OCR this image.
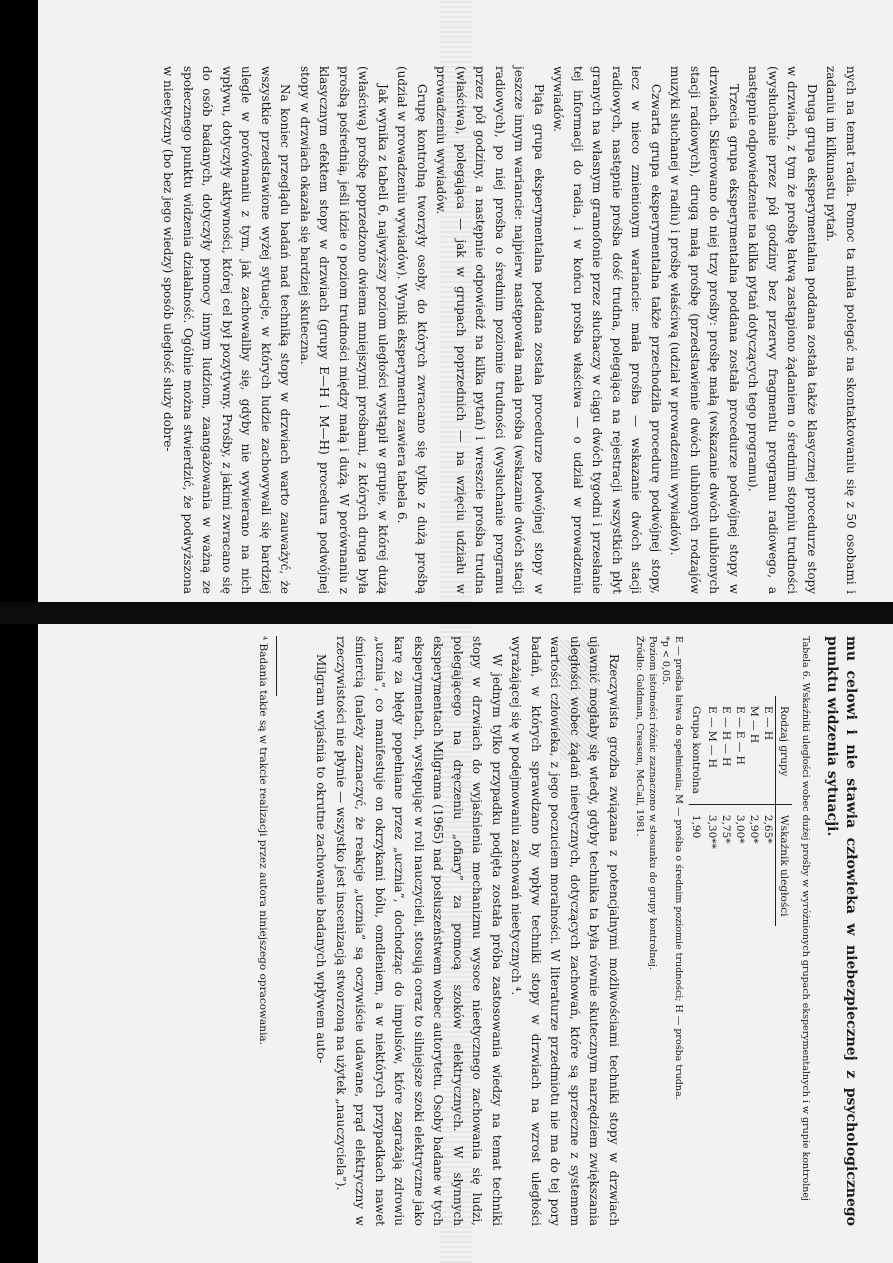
nych na temat radia. Pomoc ta miała polegać na skontaktowaniu się z 50 osobami i zadaniu im kilkunastu pytań.

Druga grupa eksperymentalna poddana została także klasycznej procedurze stopy w drzwiach, z tym że prośbę łatwą zastąpiono żądaniem o średnim stopniu trudności (wysłuchanie przez pół godziny bez przerwy fragmentu programu radiowego, a następnie odpowiedzenie na kilka pytań dotyczących tego programu).

Trzecia grupa eksperymentalna poddana została procedurze podwójnej stopy w drzwiach. Skierowano do niej trzy prośby: prośbę małą (wskazanie dwóch ulubionych stacji radiowych), drugą małą prośbę (przedstawienie dwóch ulubionych rodzajów muzyki słuchanej w radiu) i prośbę właściwą (udział w prowadzeniu wywiadów).

Czwarta grupa eksperymentalna także przechodziła procedurę podwójnej stopy, lecz w nieco zmienionym wariancie: mała prośba — wskazanie dwóch stacji radiowych, następnie prośba dość trudna, polegająca na rejestracji wszystkich płyt granych na własnym gramofonie przez słuchaczy w ciągu dwóch tygodni i przesłanie tej informacji do radia, i w końcu prośba właściwa — o udział w prowadzeniu wywiadów.

Piąta grupa eksperymentalna poddana została procedurze podwójnej stopy w jeszcze innym wariancie: najpierw następowała mała prośba (wskazanie dwóch stacji radiowych), po niej prośba o średnim poziomie trudności (wysłuchanie programu przez pół godziny, a następnie odpowiedź na kilka pytań) i wreszcie prośba trudna (właściwa), polegająca — jak w grupach poprzednich — na wzięciu udziału w prowadzeniu wywiadów.

Grupę kontrolną tworzyły osoby, do których zwracano się tylko z dużą prośbą (udział w prowadzeniu wywiadów). Wyniki eksperymentu zawiera tabela 6.

Jak wynika z tabeli 6, najwyższy poziom uległości wystąpił w grupie, w której dużą (właściwą) prośbę poprzedzono dwiema mniejszymi prośbami, z których druga była prośbą pośrednią, jeśli idzie o poziom trudności między małą i dużą. W porównaniu z klasycznym efektem stopy w drzwiach (grupy E—H i M—H) procedura podwójnej stopy w drzwiach okazała się bardziej skuteczna.

Na koniec przeglądu badań nad techniką stopy w drzwiach warto zauważyć, że wszystkie przedstawione wyżej sytuacje, w których ludzie zachowywali się bardziej ulegle w porównaniu z tym, jak zachowaliby się, gdyby nie wywierano na nich wpływu, dotyczyły aktywności, której cel był pozytywny. Prośby, z jakimi zwracano się do osób badanych, dotyczyły pomocy innym ludziom, zaangażowania w ważną ze społecznego punktu widzenia działalność. Ogólnie można stwierdzić, że podwyższona w nieetyczny (bo bez jego wiedzy) sposób uległość służy dobre-

mu celowi i nie stawia człowieka w niebezpiecznej z psychologicznego punktu widzenia sytuacji.
Tabela 6. Wskaźniki uległości wobec dużej prośby w wyróżnionych grupach eksperymentalnych i w grupie kontrolnej
Rodzaj grupy	Wskaźnik uległości
E — H	2,65*
M — H	2,90*
E — E — H	3,00*
E — H — H	2,75*
E — M — H	3,30**
Grupa kontrolna	1,90

E — prośba łatwa do spełnienia; M — prośba o średnim poziomie trudności; H — prośba trudna.

*p < 0,05.

Poziom istotności różnic zaznaczono w stosunku do grupy kontrolnej.

Źródło: Goldman, Creason, McCall, 1981.

Rzeczywista groźba związana z potencjalnymi możliwościami techniki stopy w drzwiach ujawnić mogłaby się wtedy, gdyby technika ta była równie skutecznym narzędziem zwiększania uległości wobec żądań nieetycznych, dotyczących zachowań, które są sprzeczne z systemem wartości człowieka, z jego poczuciem moralności. W literaturze przedmiotu nie ma do tej pory badań, w których sprawdzano by wpływ techniki stopy w drzwiach na wzrost uległości wyrażającej się w podejmowaniu zachowań nieetycznych ⁴.

W jednym tylko przypadku podjęta została próba zastosowania wiedzy na temat techniki stopy w drzwiach do wyjaśnienia mechanizmu wysoce nieetycznego zachowania się ludzi, polegającego na dręczeniu „ofiary” za pomocą szoków elektrycznych. W słynnych eksperymentach Milgrama (1965) nad posłuszeństwem wobec autorytetu. Osoby badane w tych eksperymentach, występując w roli nauczycieli, stosują coraz to silniejsze szoki elektryczne jako karę za błędy popełniane przez „ucznia”, dochodząc do impulsów, które zagrażają zdrowiu „ucznia”, co manifestuje on okrzykami bólu, omdleniem, a w niektórych przypadkach nawet śmiercią (należy zaznaczyć, że reakcje „ucznia” są oczywiście udawane, prąd elektryczny w rzeczywistości nie płynie — wszystko jest inscenizacją stworzoną na użytek „nauczyciela”).

Milgram wyjaśnia to okrutne zachowanie badanych wpływem auto-

⁴ Badania takie są w trakcie realizacji przez autora niniejszego opracowania.
